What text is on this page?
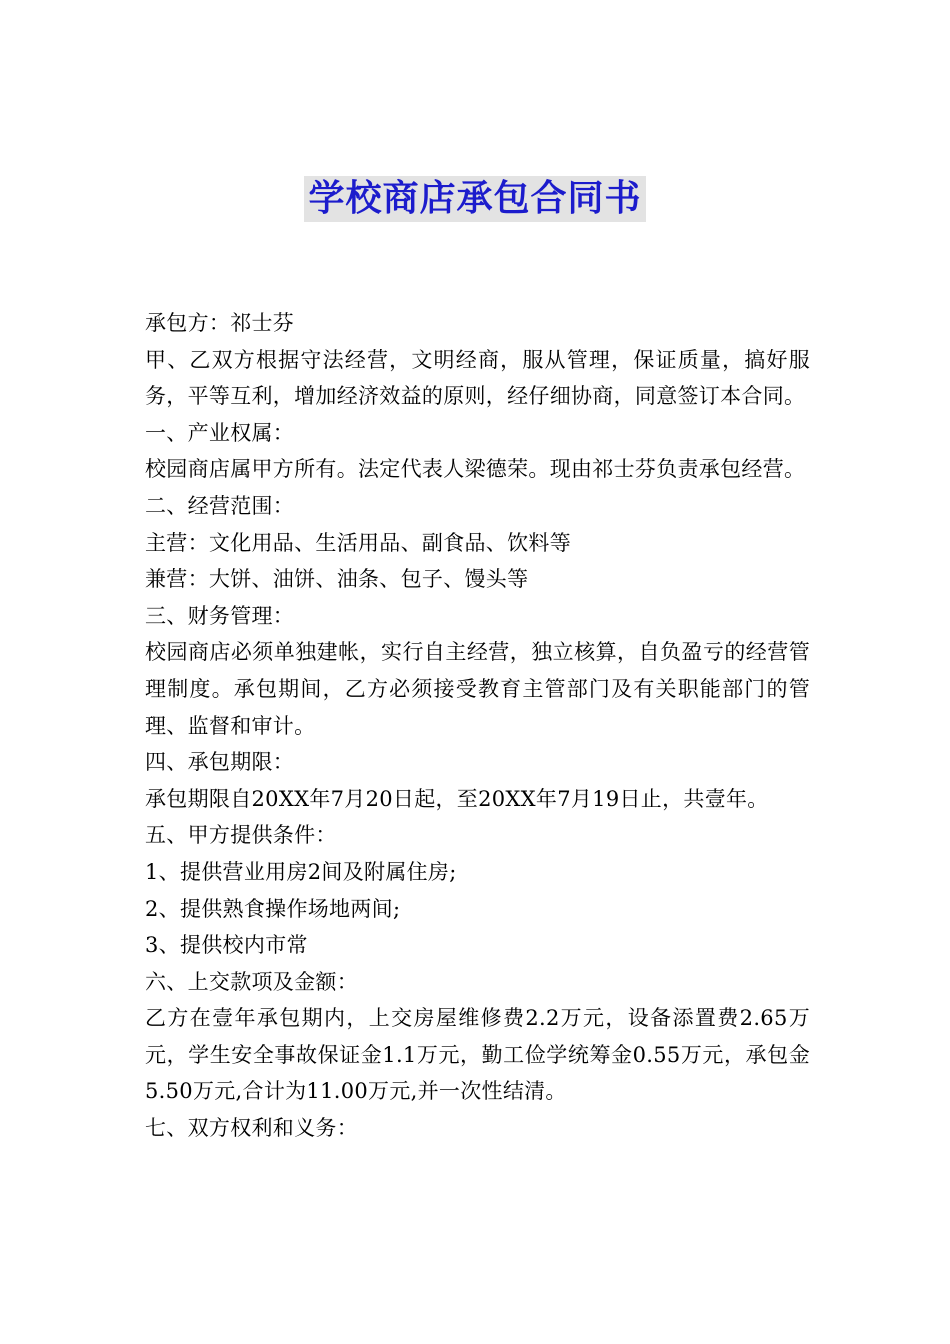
学校商店承包合同书

承包方：祁士芬

甲、乙双方根据守法经营，文明经商，服从管理，保证质量，搞好服务，平等互利，增加经济效益的原则，经仔细协商，同意签订本合同。

一、产业权属：

校园商店属甲方所有。法定代表人梁德荣。现由祁士芬负责承包经营。

二、经营范围：

主营：文化用品、生活用品、副食品、饮料等

兼营：大饼、油饼、油条、包子、馒头等

三、财务管理：

校园商店必须单独建帐，实行自主经营，独立核算，自负盈亏的经营管理制度。承包期间，乙方必须接受教育主管部门及有关职能部门的管理、监督和审计。

四、承包期限：

承包期限自20XX年7月20日起，至20XX年7月19日止，共壹年。

五、甲方提供条件：

1、提供营业用房2间及附属住房;

2、提供熟食操作场地两间;

3、提供校内市常

六、上交款项及金额：

乙方在壹年承包期内，上交房屋维修费2.2万元，设备添置费2.65万元，学生安全事故保证金1.1万元，勤工俭学统筹金0.55万元，承包金5.50万元,合计为11.00万元,并一次性结清。

七、双方权利和义务：
